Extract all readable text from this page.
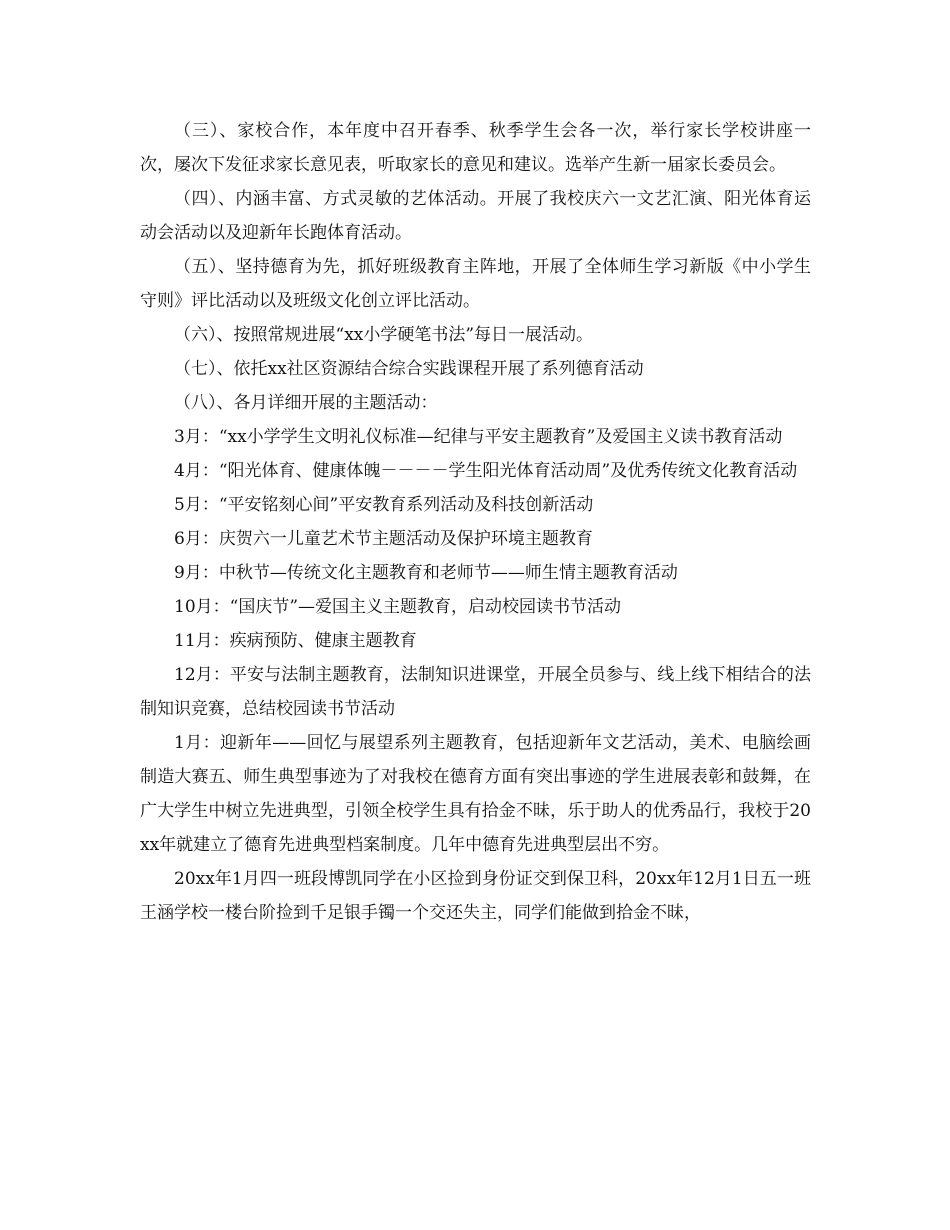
（三）、家校合作，本年度中召开春季、秋季学生会各一次，举行家长学校讲座一次，屡次下发征求家长意见表，听取家长的意见和建议。选举产生新一届家长委员会。

（四）、内涵丰富、方式灵敏的艺体活动。开展了我校庆六一文艺汇演、阳光体育运动会活动以及迎新年长跑体育活动。

（五）、坚持德育为先，抓好班级教育主阵地，开展了全体师生学习新版《中小学生守则》评比活动以及班级文化创立评比活动。

（六）、按照常规进展“xx小学硬笔书法”每日一展活动。

（七）、依托xx社区资源结合综合实践课程开展了系列德育活动

（八）、各月详细开展的主题活动：

3月：“xx小学学生文明礼仪标准—纪律与平安主题教育”及爱国主义读书教育活动

4月：“阳光体育、健康体魄－－－－学生阳光体育活动周”及优秀传统文化教育活动

5月：“平安铭刻心间”平安教育系列活动及科技创新活动

6月：庆贺六一儿童艺术节主题活动及保护环境主题教育

9月：中秋节—传统文化主题教育和老师节——师生情主题教育活动

10月：“国庆节”—爱国主义主题教育，启动校园读书节活动

11月：疾病预防、健康主题教育

12月：平安与法制主题教育，法制知识进课堂，开展全员参与、线上线下相结合的法制知识竞赛，总结校园读书节活动

1月：迎新年——回忆与展望系列主题教育，包括迎新年文艺活动，美术、电脑绘画制造大赛五、师生典型事迹为了对我校在德育方面有突出事迹的学生进展表彰和鼓舞，在广大学生中树立先进典型，引领全校学生具有拾金不昧，乐于助人的优秀品行，我校于20xx年就建立了德育先进典型档案制度。几年中德育先进典型层出不穷。

20xx年1月四一班段博凯同学在小区捡到身份证交到保卫科，20xx年12月1日五一班王涵学校一楼台阶捡到千足银手镯一个交还失主，同学们能做到拾金不昧，
